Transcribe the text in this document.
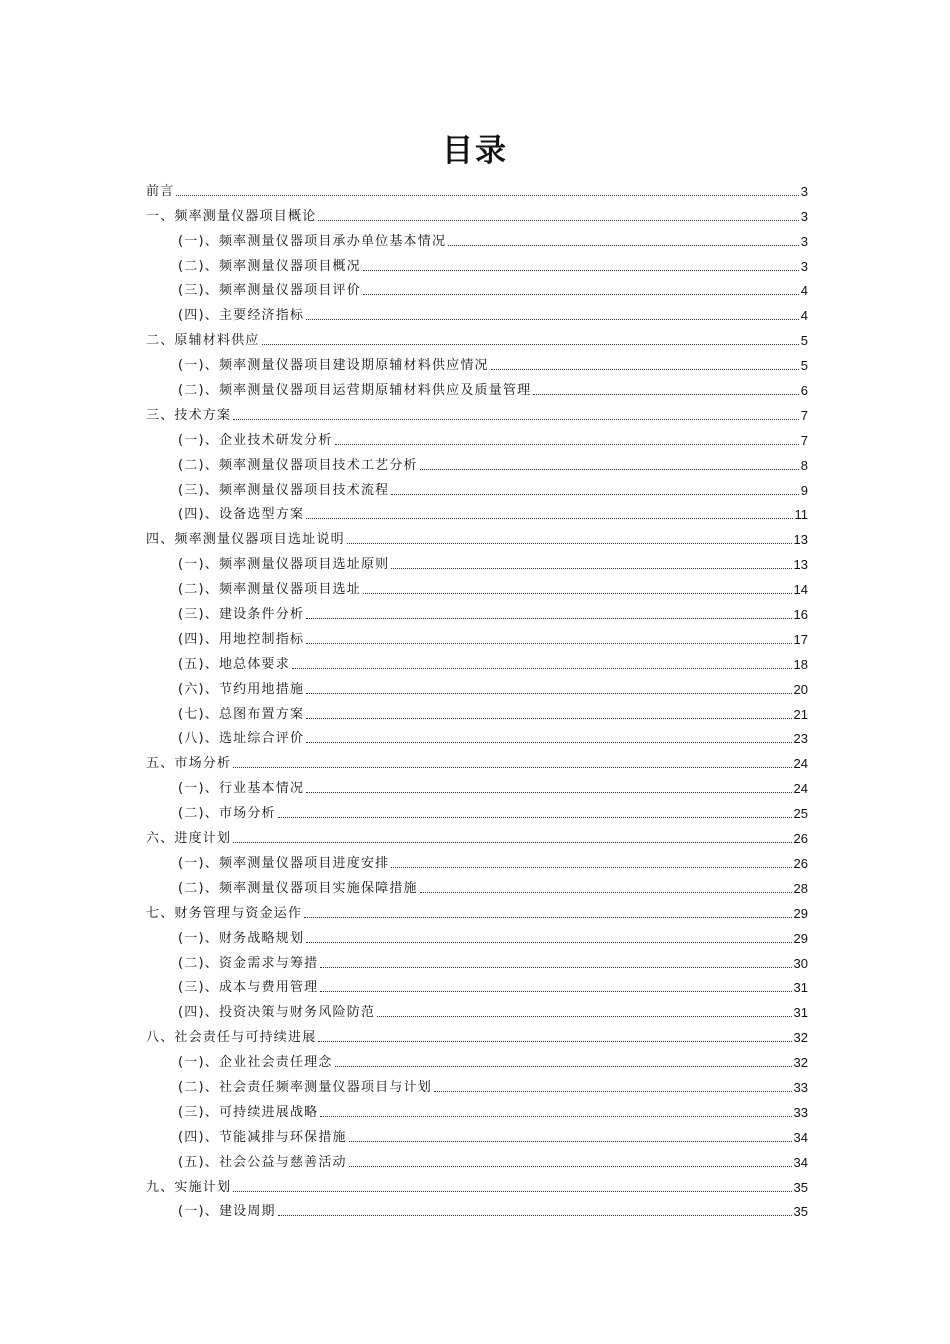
目录
前言	3
一、频率测量仪器项目概论	3
(一)、频率测量仪器项目承办单位基本情况	3
(二)、频率测量仪器项目概况	3
(三)、频率测量仪器项目评价	4
(四)、主要经济指标	4
二、原辅材料供应	5
(一)、频率测量仪器项目建设期原辅材料供应情况	5
(二)、频率测量仪器项目运营期原辅材料供应及质量管理	6
三、技术方案	7
(一)、企业技术研发分析	7
(二)、频率测量仪器项目技术工艺分析	8
(三)、频率测量仪器项目技术流程	9
(四)、设备选型方案	11
四、频率测量仪器项目选址说明	13
(一)、频率测量仪器项目选址原则	13
(二)、频率测量仪器项目选址	14
(三)、建设条件分析	16
(四)、用地控制指标	17
(五)、地总体要求	18
(六)、节约用地措施	20
(七)、总图布置方案	21
(八)、选址综合评价	23
五、市场分析	24
(一)、行业基本情况	24
(二)、市场分析	25
六、进度计划	26
(一)、频率测量仪器项目进度安排	26
(二)、频率测量仪器项目实施保障措施	28
七、财务管理与资金运作	29
(一)、财务战略规划	29
(二)、资金需求与筹措	30
(三)、成本与费用管理	31
(四)、投资决策与财务风险防范	31
八、社会责任与可持续进展	32
(一)、企业社会责任理念	32
(二)、社会责任频率测量仪器项目与计划	33
(三)、可持续进展战略	33
(四)、节能减排与环保措施	34
(五)、社会公益与慈善活动	34
九、实施计划	35
(一)、建设周期	35
